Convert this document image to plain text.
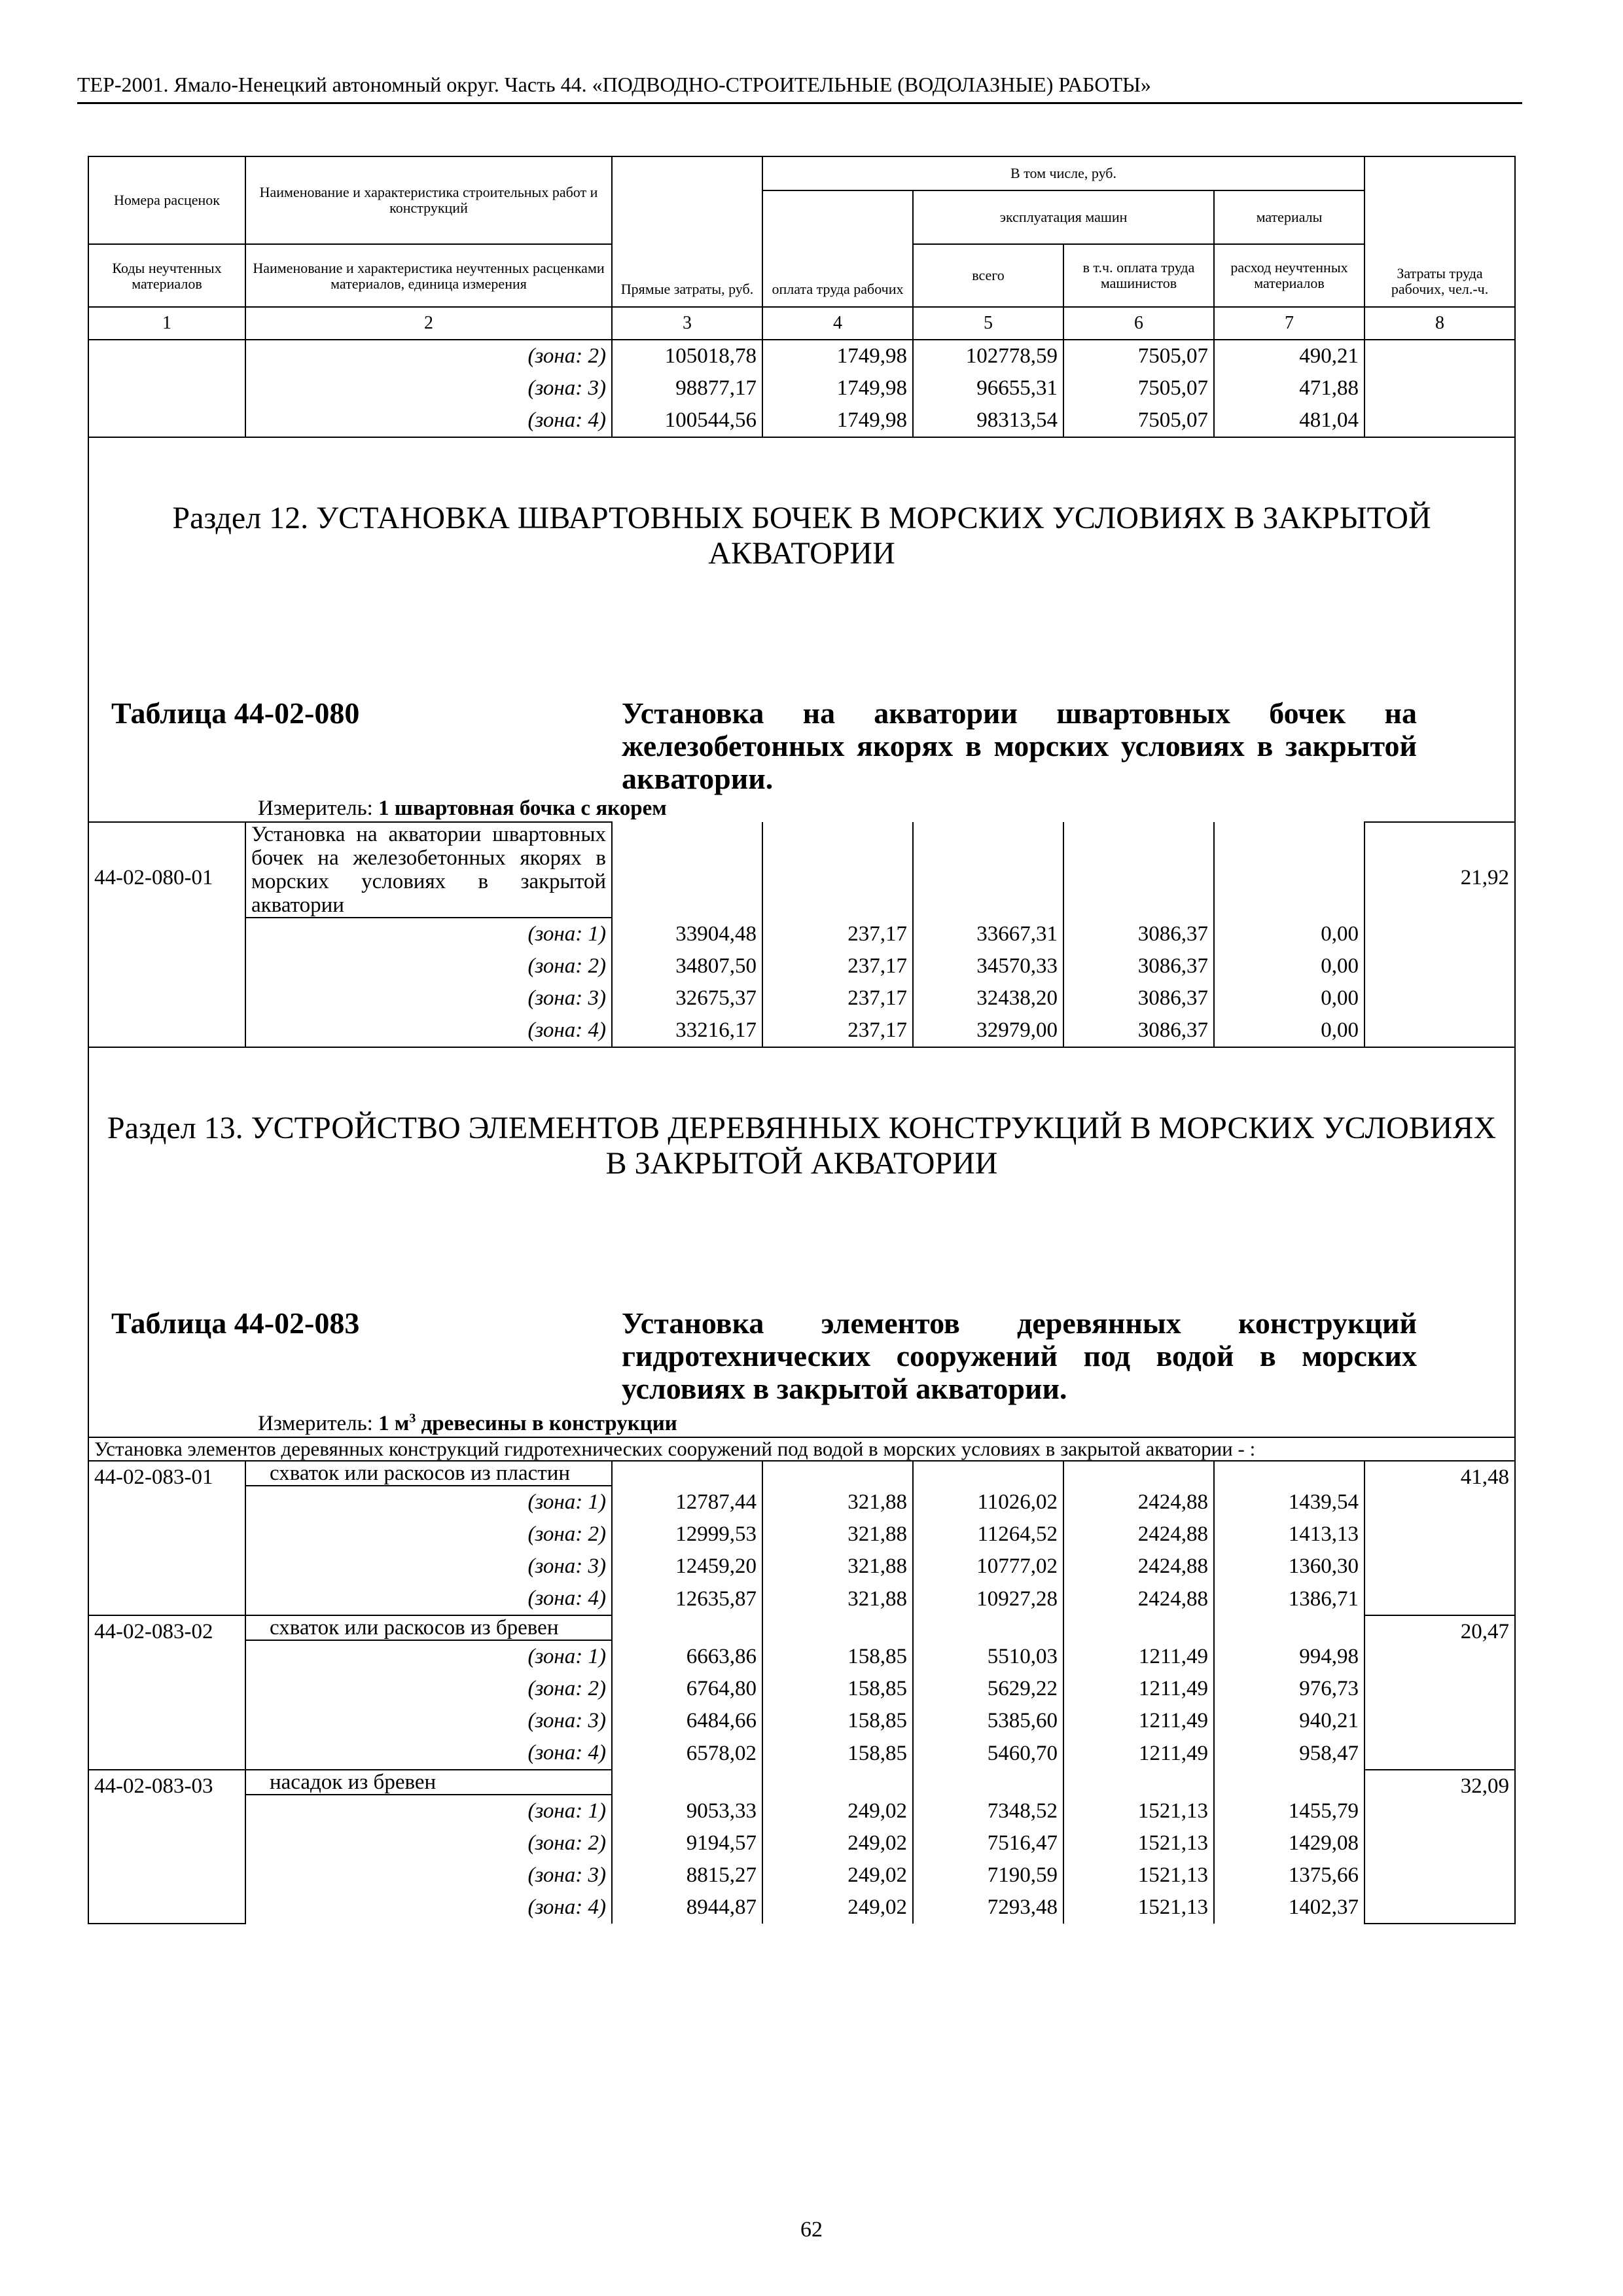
ТЕР-2001. Ямало-Ненецкий автономный округ. Часть 44. «ПОДВОДНО-СТРОИТЕЛЬНЫЕ (ВОДОЛАЗНЫЕ) РАБОТЫ»
Номера расценок	Наименование и характеристика строительных работ и конструкций	Прямые затраты, руб.	В том числе, руб.				Затраты труда рабочих, чел.-ч.
			оплата труда рабочих	эксплуатация машин		материалы	
Коды неучтенных материалов	Наименование и характеристика неучтенных расценками материалов, единица измерения			всего	в т.ч. оплата труда машинистов	расход неучтенных материалов	

1	2	3	4	5	6	7	8
	(зона: 2)	105018,78	1749,98	102778,59	7505,07	490,21	
	(зона: 3)	98877,17	1749,98	96655,31	7505,07	471,88	
	(зона: 4)	100544,56	1749,98	98313,54	7505,07	481,04	
Раздел 12. УСТАНОВКА ШВАРТОВНЫХ БОЧЕК В МОРСКИХ УСЛОВИЯХ В ЗАКРЫТОЙ АКВАТОРИИ							

Таблица 44-02-080 Установка на акватории швартовных бочек на железобетонных якорях в морских условиях в закрытой акватории.
Измеритель: 1 швартовная бочка с якорем							

44-02-080-01	Установка на акватории швартовных бочек на железобетонных якорях в морских условиях в закрытой акватории						21,92
	(зона: 1)	33904,48	237,17	33667,31	3086,37	0,00	
	(зона: 2)	34807,50	237,17	34570,33	3086,37	0,00	
	(зона: 3)	32675,37	237,17	32438,20	3086,37	0,00	
	(зона: 4)	33216,17	237,17	32979,00	3086,37	0,00	
Раздел 13. УСТРОЙСТВО ЭЛЕМЕНТОВ ДЕРЕВЯННЫХ КОНСТРУКЦИЙ В МОРСКИХ УСЛОВИЯХ В ЗАКРЫТОЙ АКВАТОРИИ							

Таблица 44-02-083 Установка элементов деревянных конструкций гидротехнических сооружений под водой в морских условиях в закрытой акватории.
Измеритель: 1 $м^3$ древесины в конструкции							

Установка элементов деревянных конструкций гидротехнических сооружений под водой в морских условиях в закрытой акватории - :							
44-02-083-01	схваток или раскосов из пластин						41,48
	(зона: 1)	12787,44	321,88	11026,02	2424,88	1439,54	
	(зона: 2)	12999,53	321,88	11264,52	2424,88	1413,13	
	(зона: 3)	12459,20	321,88	10777,02	2424,88	1360,30	
	(зона: 4)	12635,87	321,88	10927,28	2424,88	1386,71	
44-02-083-02	схваток или раскосов из бревен						20,47
	(зона: 1)	6663,86	158,85	5510,03	1211,49	994,98	
	(зона: 2)	6764,80	158,85	5629,22	1211,49	976,73	
	(зона: 3)	6484,66	158,85	5385,60	1211,49	940,21	
	(зона: 4)	6578,02	158,85	5460,70	1211,49	958,47	
44-02-083-03	насадок из бревен						32,09
	(зона: 1)	9053,33	249,02	7348,52	1521,13	1455,79	
	(зона: 2)	9194,57	249,02	7516,47	1521,13	1429,08	
	(зона: 3)	8815,27	249,02	7190,59	1521,13	1375,66	
	(зона: 4)	8944,87	249,02	7293,48	1521,13	1402,37	
62
